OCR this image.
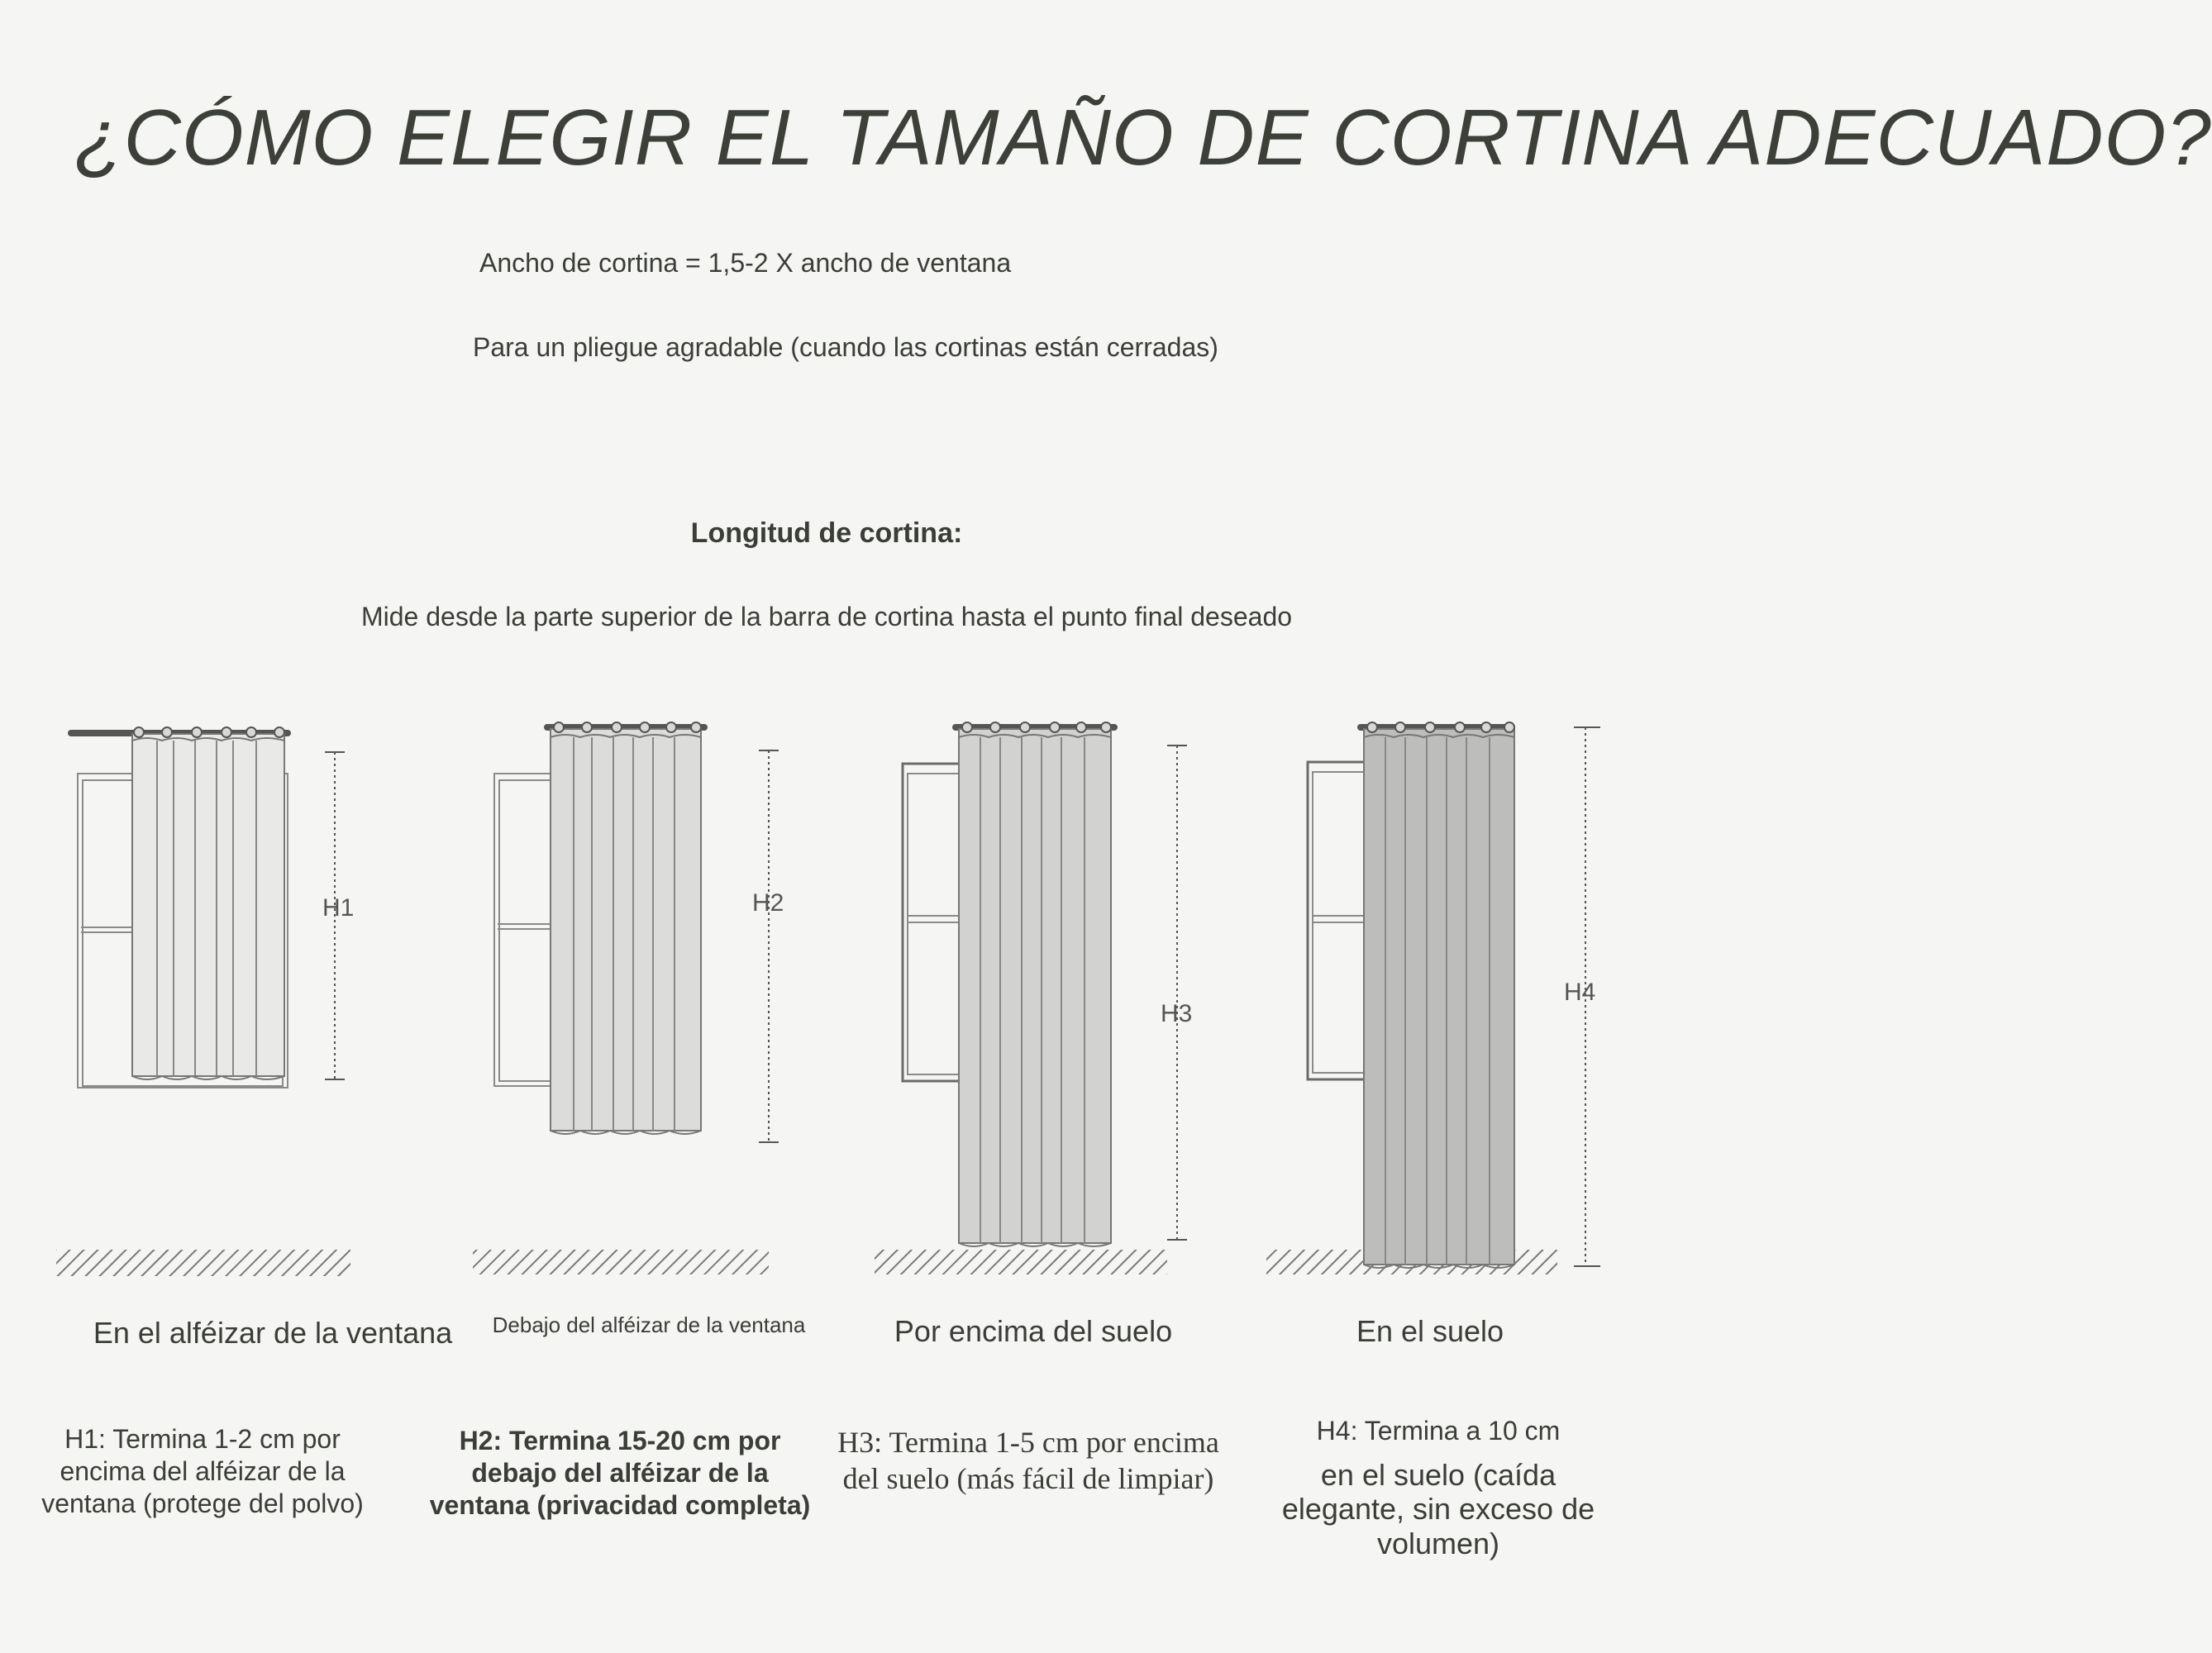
¿CÓMO ELEGIR EL TAMAÑO DE CORTINA ADECUADO?
Ancho de cortina = 1,5-2 X ancho de ventana
Para un pliegue agradable (cuando las cortinas están cerradas)
Longitud de cortina:
Mide desde la parte superior de la barra de cortina hasta el punto final deseado
H1	H2
H3
H4
En el alféizar de la ventana	Debajo del alféizar de la ventana	Por encima del suelo	En el suelo
H1: Termina 1-2 cm por encima del alféizar de la ventana (protege del polvo)
H2: Termina 15-20 cm por debajo del alféizar de la ventana (privacidad completa)
H3: Termina 1-5 cm por encima del suelo (más fácil de limpiar)
H4: Termina a 10 cm
en el suelo (caída elegante, sin exceso de volumen)
